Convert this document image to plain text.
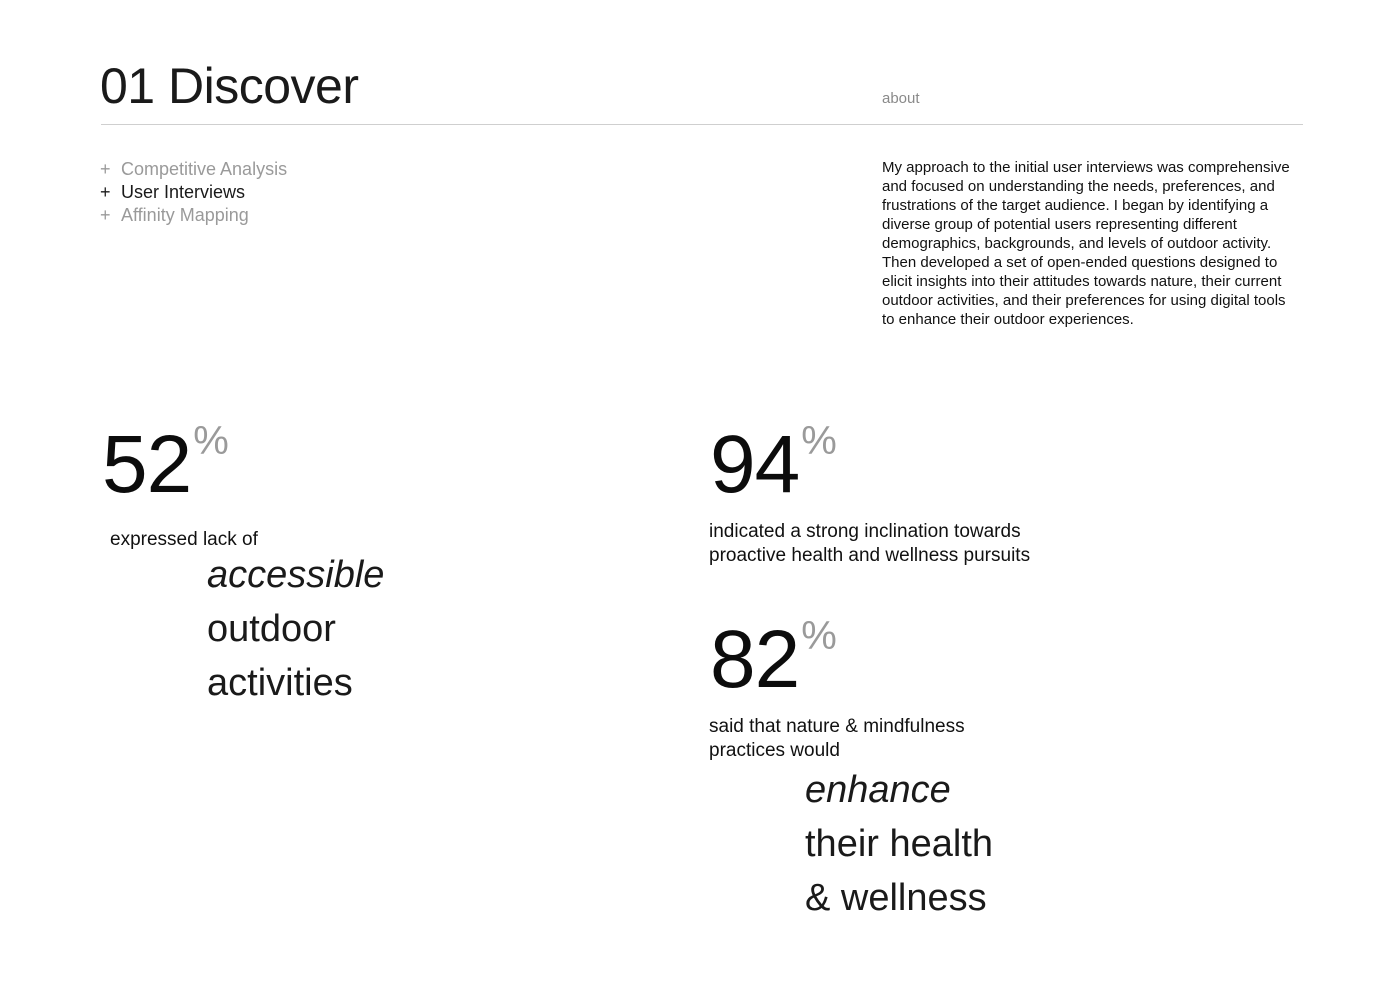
01 Discover	about
+ Competitive Analysis
+ User Interviews
+ Affinity Mapping

My approach to the initial user interviews was comprehensive and focused on understanding the needs, preferences, and frustrations of the target audience. I began by identifying a diverse group of potential users representing different demographics, backgrounds, and levels of outdoor activity. Then developed a set of open-ended questions designed to elicit insights into their attitudes towards nature, their current outdoor activities, and their preferences for using digital tools to enhance their outdoor experiences.

52%

expressed lack of

accessible
outdoor
activities
94%
indicated a strong inclination towards
proactive health and wellness pursuits
82%
said that nature & mindfulness
practices would
enhance
their health
& wellness
